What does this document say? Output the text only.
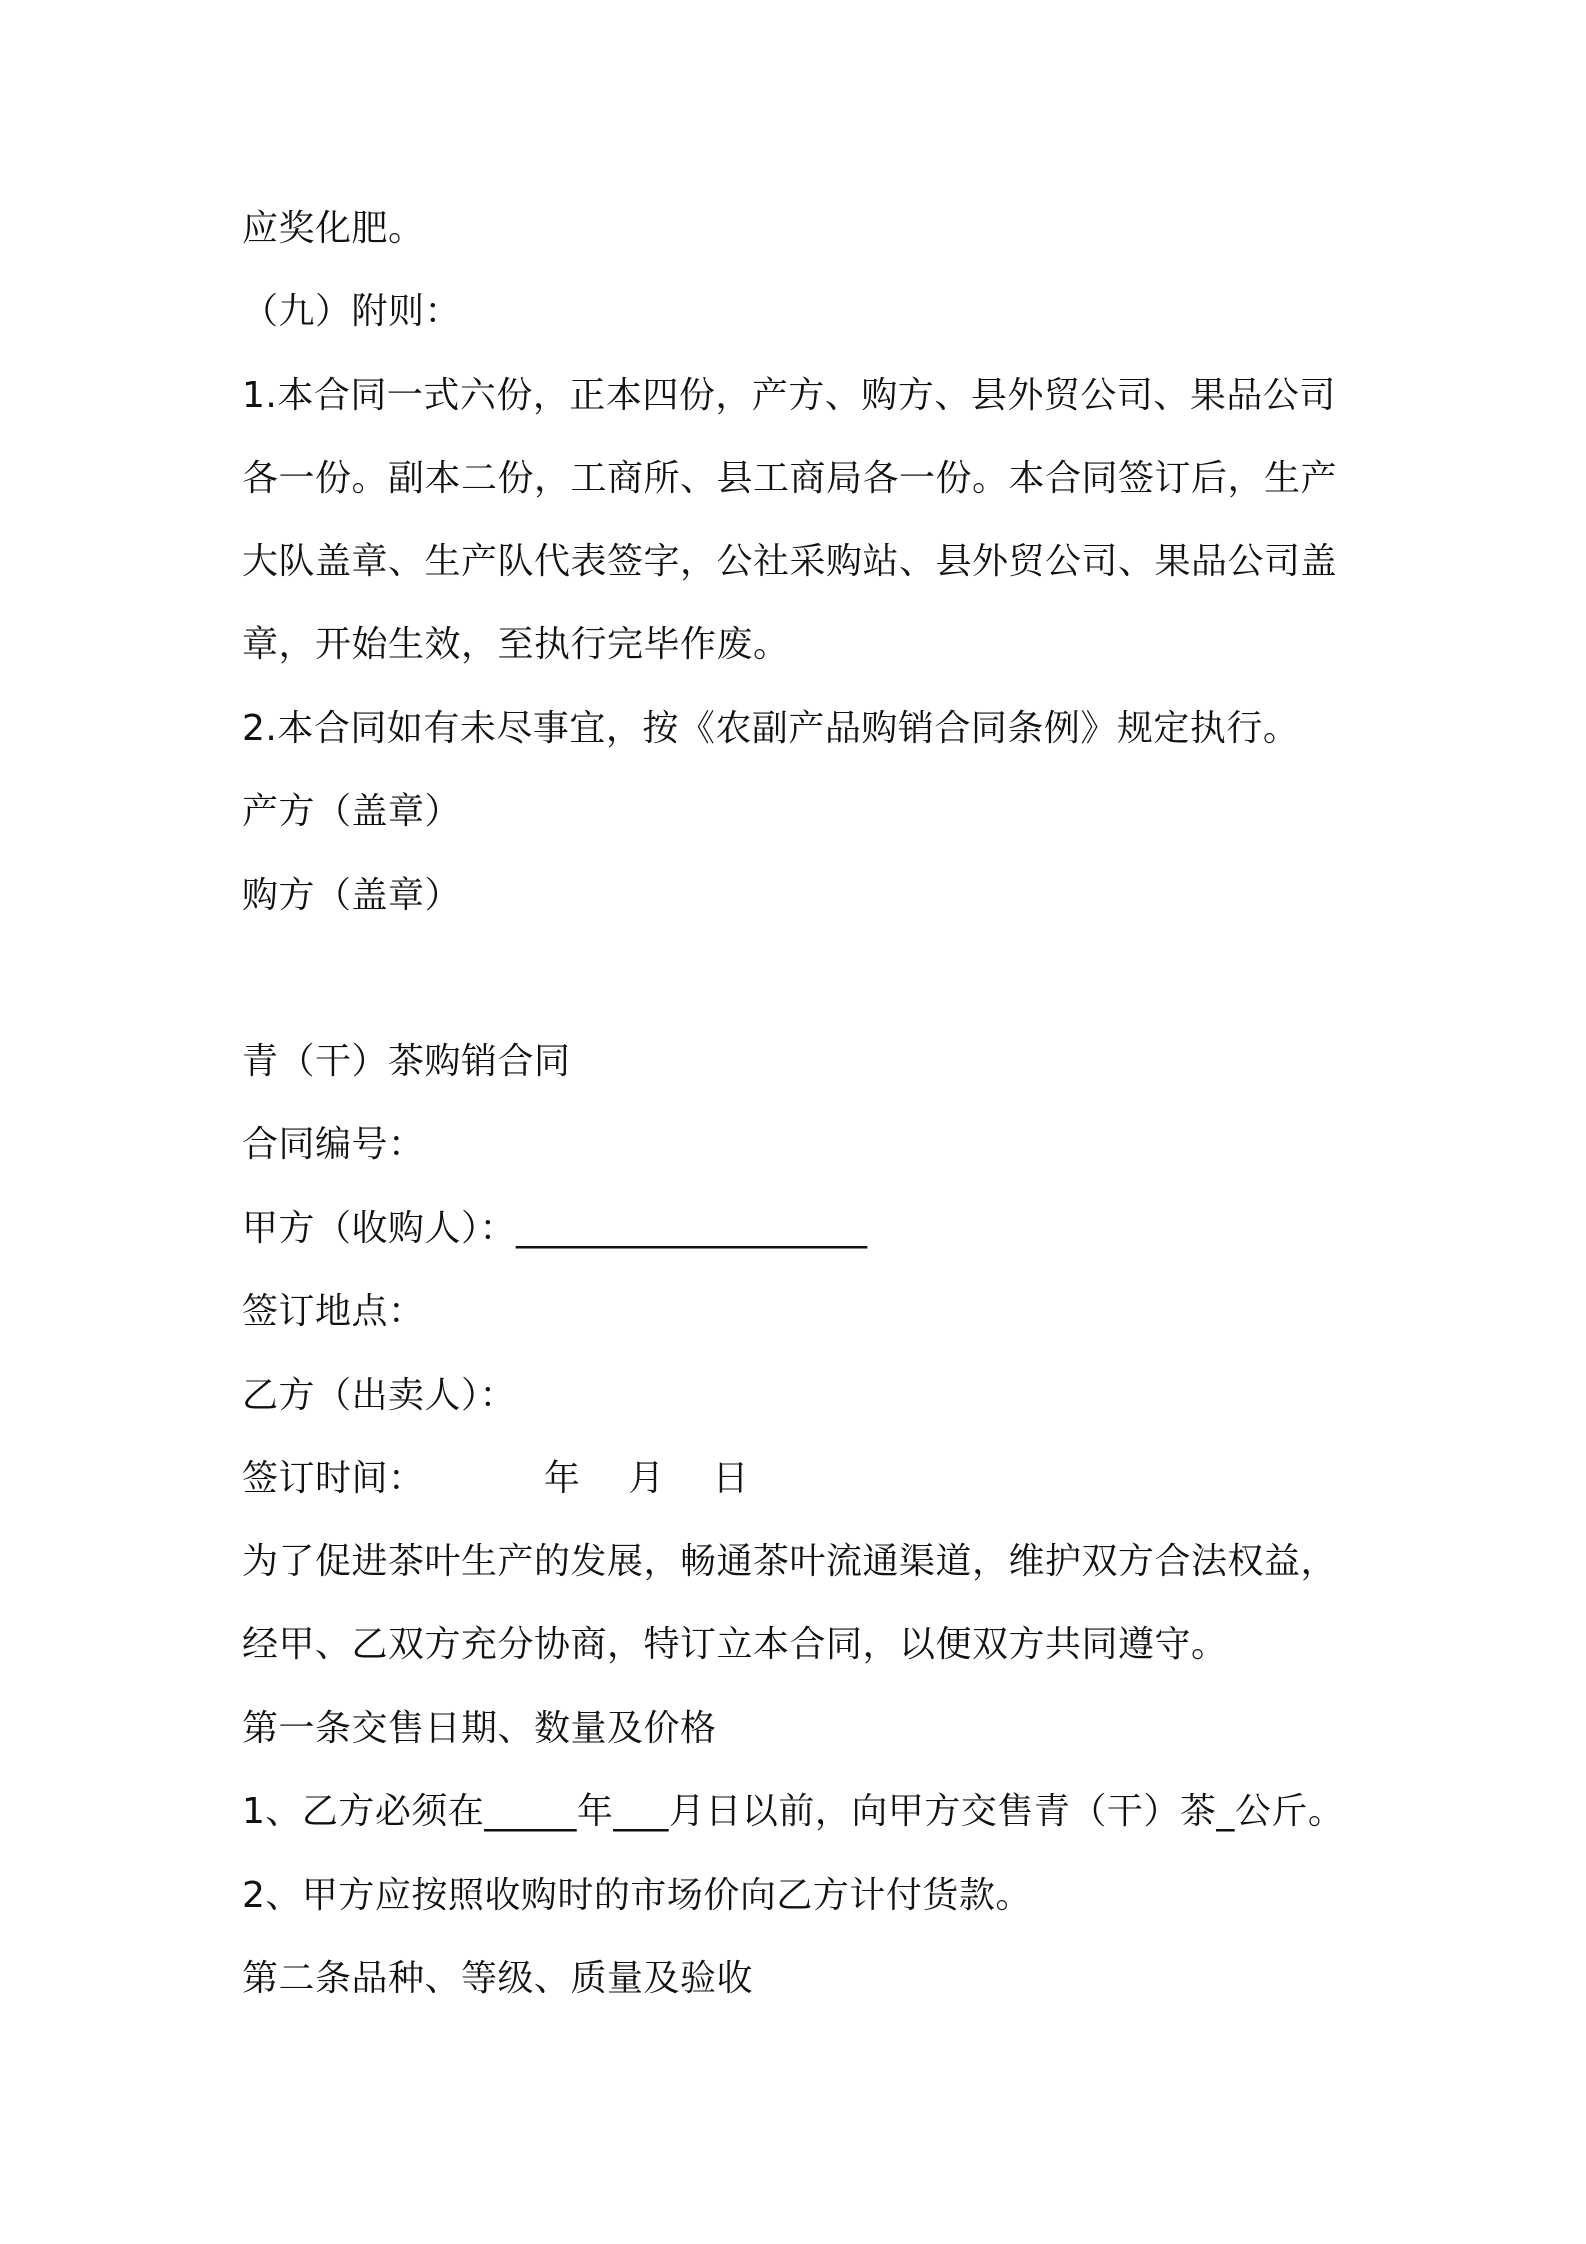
应奖化肥。
（九）附则：
1.本合同一式六份，正本四份，产方、购方、县外贸公司、果品公司
各一份。副本二份，工商所、县工商局各一份。本合同签订后，生产
大队盖章、生产队代表签字，公社采购站、县外贸公司、果品公司盖
章，开始生效，至执行完毕作废。
2.本合同如有未尽事宜，按《农副产品购销合同条例》规定执行。
产方（盖章）
购方（盖章）
青（干）茶购销合同
合同编号：
甲方（收购人）：___________________
签订地点：
乙方（出卖人）：
签订时间：          年    月    日
为了促进茶叶生产的发展，畅通茶叶流通渠道，维护双方合法权益，
经甲、乙双方充分协商，特订立本合同，以便双方共同遵守。
第一条交售日期、数量及价格
1、乙方必须在_____年___月日以前，向甲方交售青（干）茶_公斤。
2、甲方应按照收购时的市场价向乙方计付货款。
第二条品种、等级、质量及验收
